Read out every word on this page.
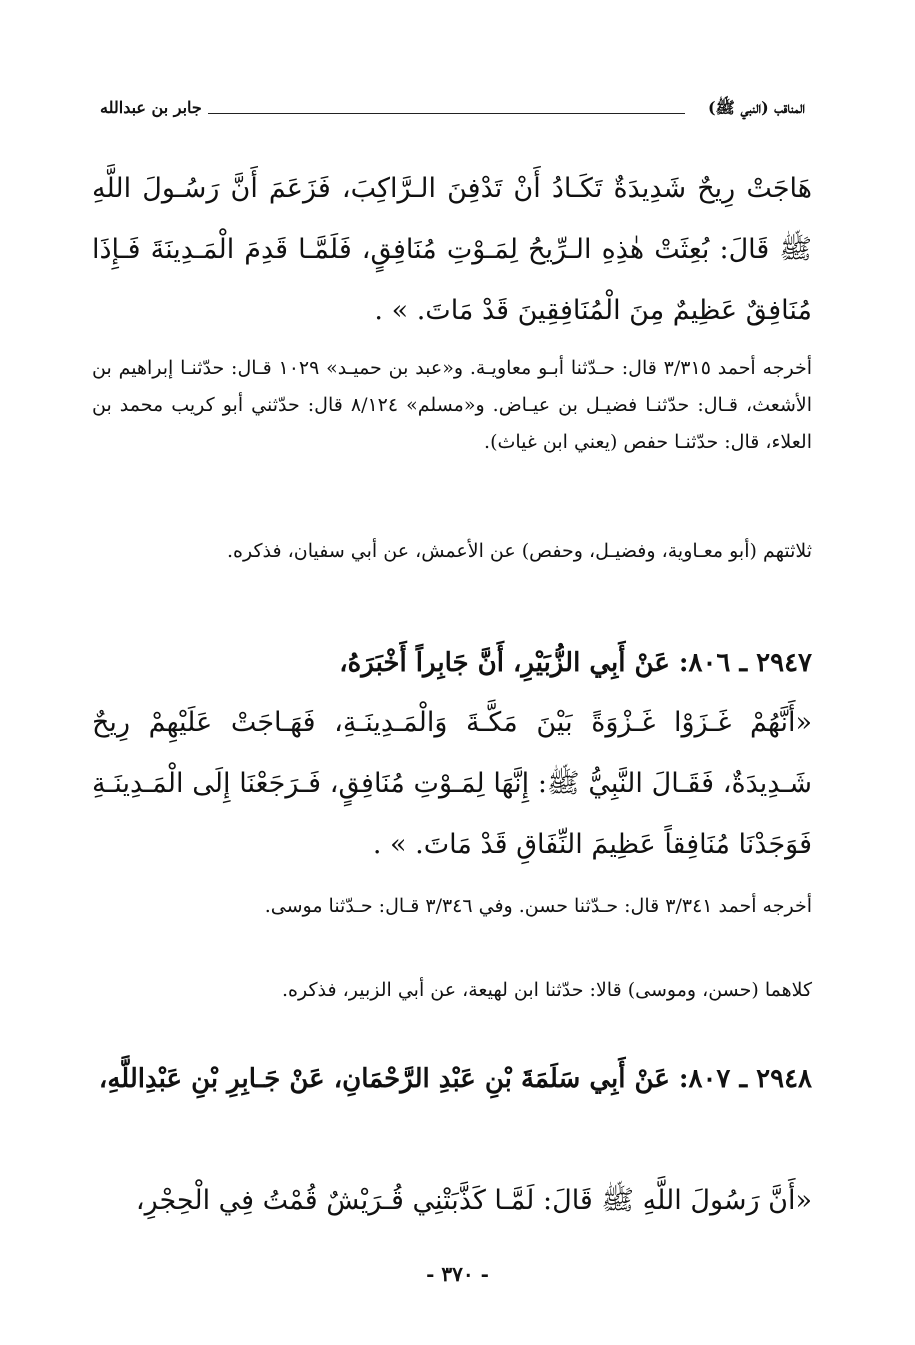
المناقب (النبي ﷺ)
جابر بن عبدالله
هَاجَتْ رِيحٌ شَدِيدَةٌ تَكَـادُ أَنْ تَدْفِنَ الـرَّاكِبَ، فَزَعَمَ أَنَّ رَسُـولَ اللَّهِ ﷺ قَالَ: بُعِثَتْ هٰذِهِ الـرِّيحُ لِمَـوْتِ مُنَافِقٍ، فَلَمَّـا قَدِمَ الْمَـدِينَةَ فَـإِذَا مُنَافِقٌ عَظِيمٌ مِنَ الْمُنَافِقِينَ قَدْ مَاتَ. » .
أخرجه أحمد ٣/٣١٥ قال: حـدّثنا أبـو معاويـة. و«عبد بن حميـد» ١٠٢٩ قـال: حدّثنـا إبراهيم بن الأشعث، قـال: حدّثنـا فضيـل بن عيـاض. و«مسلم» ٨/١٢٤ قال: حدّثني أبو كريب محمد بن العلاء، قال: حدّثنـا حفص (يعني ابن غياث).
ثلاثتهم (أبو معـاوية، وفضيـل، وحفص) عن الأعمش، عن أبي سفيان، فذكره.
٢٩٤٧ ـ ٨٠٦: عَنْ أَبِي الزُّبَيْرِ، أَنَّ جَابِراً أَخْبَرَهُ،
«أَنَّهُمْ غَـزَوْا غَـزْوَةً بَيْنَ مَكَّـةَ وَالْمَـدِينَـةِ، فَهَـاجَتْ عَلَيْهِمْ رِيحٌ شَـدِيدَةٌ، فَقَـالَ النَّبِيُّ ﷺ: إِنَّهَا لِمَـوْتِ مُنَافِقٍ، فَـرَجَعْنَا إِلَى الْمَـدِينَـةِ فَوَجَدْنَا مُنَافِقاً عَظِيمَ النِّفَاقِ قَدْ مَاتَ. » .
أخرجه أحمد ٣/٣٤١ قال: حـدّثنا حسن. وفي ٣/٣٤٦ قـال: حـدّثنا موسى.
كلاهما (حسن، وموسى) قالا: حدّثنا ابن لهيعة، عن أبي الزبير، فذكره.
٢٩٤٨ ـ ٨٠٧: عَنْ أَبِي سَلَمَةَ بْنِ عَبْدِ الرَّحْمَانِ، عَنْ جَـابِرِ بْنِ عَبْدِاللَّهِ،
«أَنَّ رَسُولَ اللَّهِ ﷺ قَالَ: لَمَّـا كَذَّبَتْنِي قُـرَيْشٌ قُمْتُ فِي الْحِجْرِ،
- ٣٧٠ -
